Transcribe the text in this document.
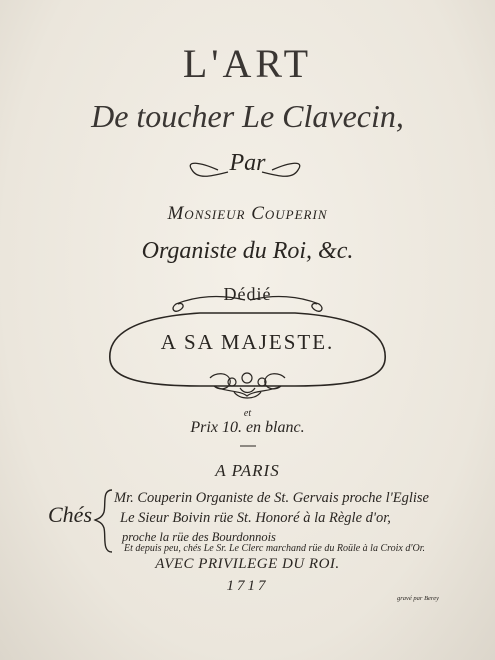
L'ART
De toucher Le Clavecin,
Par
Monsieur Couperin
Organiste du Roi, &c.
Dédié
A SA MAJESTE.
et
Prix 10. en blanc.
A PARIS
Chés
Mr. Couperin Organiste de St. Gervais proche l'Eglise
Le Sieur Boivin rüe St. Honoré à la Règle d'or,
proche la rüe des Bourdonnois
Et depuis peu, chés Le Sr. Le Clerc marchand rüe du Roüle à la Croix d'Or.
AVEC PRIVILEGE DU ROI.
1717
gravé par Berey
